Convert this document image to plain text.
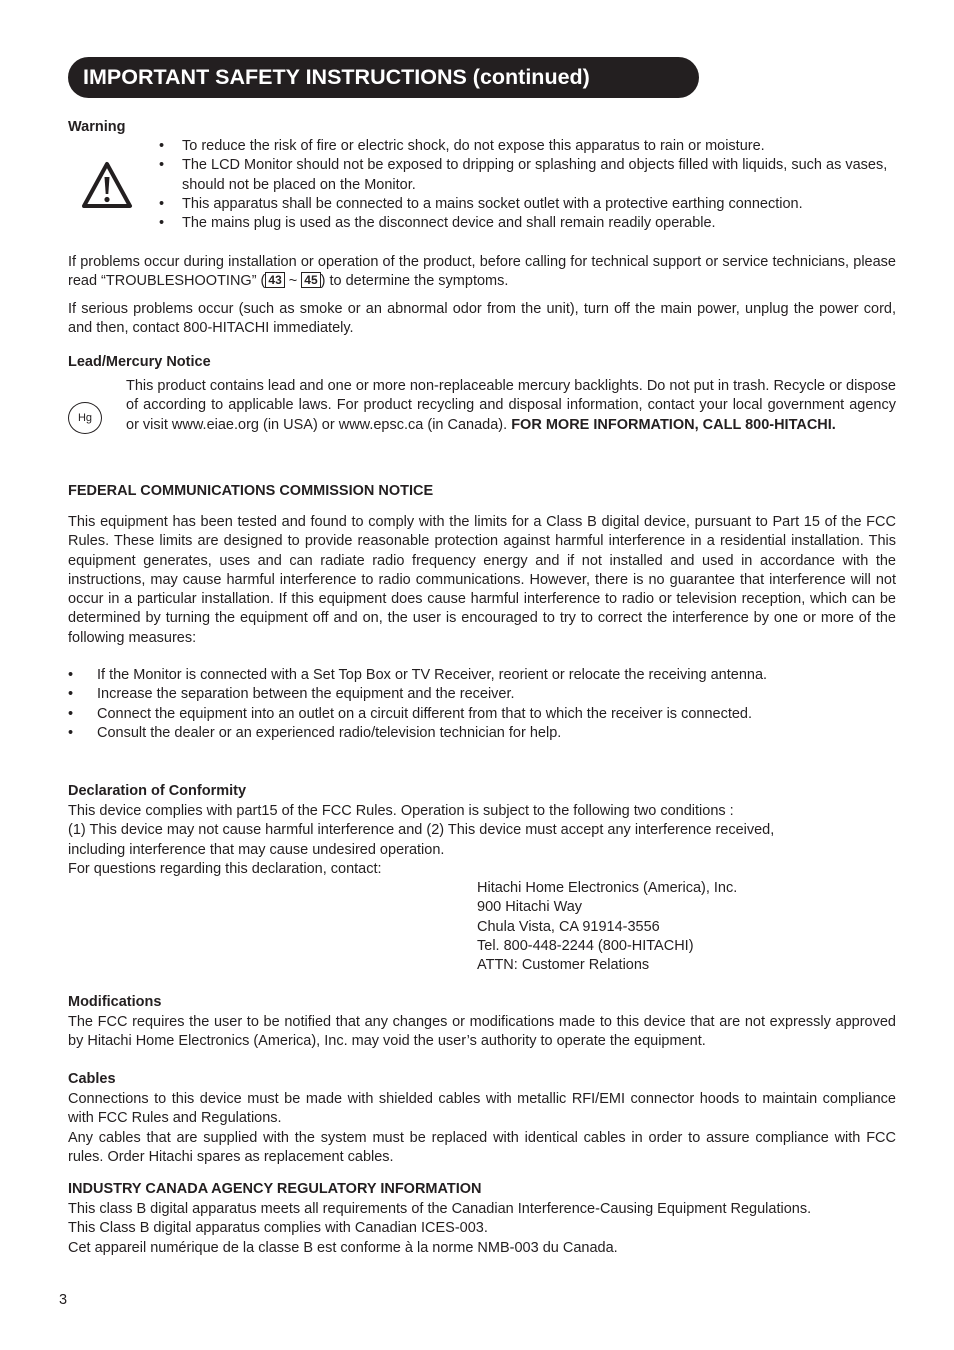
IMPORTANT SAFETY INSTRUCTIONS (continued)
Warning
• To reduce the risk of fire or electric shock, do not expose this apparatus to rain or moisture.
• The LCD Monitor should not be exposed to dripping or splashing and objects filled with liquids, such as vases, should not be placed on the Monitor.
• This apparatus shall be connected to a mains socket outlet with a protective earthing connection.
• The mains plug is used as the disconnect device and shall remain readily operable.
If problems occur during installation or operation of the product, before calling for technical support or service technicians, please read “TROUBLESHOOTING” ( 43 ~ 45 ) to determine the symptoms.
If serious problems occur (such as smoke or an abnormal odor from the unit), turn off the main power, unplug the power cord, and then, contact 800-HITACHI immediately.
Lead/Mercury Notice
Hg
This product contains lead and one or more non-replaceable mercury backlights. Do not put in trash. Recycle or dispose of according to applicable laws. For product recycling and disposal information, contact your local government agency or visit www.eiae.org (in USA) or www.epsc.ca (in Canada). FOR MORE INFORMATION, CALL 800-HITACHI.
FEDERAL COMMUNICATIONS COMMISSION NOTICE
This equipment has been tested and found to comply with the limits for a Class B digital device, pursuant to Part 15 of the FCC Rules. These limits are designed to provide reasonable protection against harmful interference in a residential installation. This equipment generates, uses and can radiate radio frequency energy and if not installed and used in accordance with the instructions, may cause harmful interference to radio communications. However, there is no guarantee that interference will not occur in a particular installation. If this equipment does cause harmful interference to radio or television reception, which can be determined by turning the equipment off and on, the user is encouraged to try to correct the interference by one or more of the following measures:
• If the Monitor is connected with a Set Top Box or TV Receiver, reorient or relocate the receiving antenna.
• Increase the separation between the equipment and the receiver.
• Connect the equipment into an outlet on a circuit different from that to which the receiver is connected.
• Consult the dealer or an experienced radio/television technician for help.
Declaration of Conformity
This device complies with part15 of the FCC Rules. Operation is subject to the following two conditions :
(1) This device may not cause harmful interference and (2) This device must accept any interference received,
including interference that may cause undesired operation.
For questions regarding this declaration, contact:
Hitachi Home Electronics (America), Inc.
900 Hitachi Way
Chula Vista, CA 91914-3556
Tel. 800-448-2244 (800-HITACHI)
ATTN: Customer Relations
Modifications
The FCC requires the user to be notified that any changes or modifications made to this device that are not expressly approved by Hitachi Home Electronics (America), Inc. may void the user’s authority to operate the equipment.
Cables
Connections to this device must be made with shielded cables with metallic RFI/EMI connector hoods to maintain compliance with FCC Rules and Regulations.
Any cables that are supplied with the system must be replaced with identical cables in order to assure compliance with FCC rules. Order Hitachi spares as replacement cables.
INDUSTRY CANADA AGENCY REGULATORY INFORMATION
This class B digital apparatus meets all requirements of the Canadian Interference-Causing Equipment Regulations.
This Class B digital apparatus complies with Canadian ICES-003.
Cet appareil numérique de la classe B est conforme à la norme NMB-003 du Canada.
3
